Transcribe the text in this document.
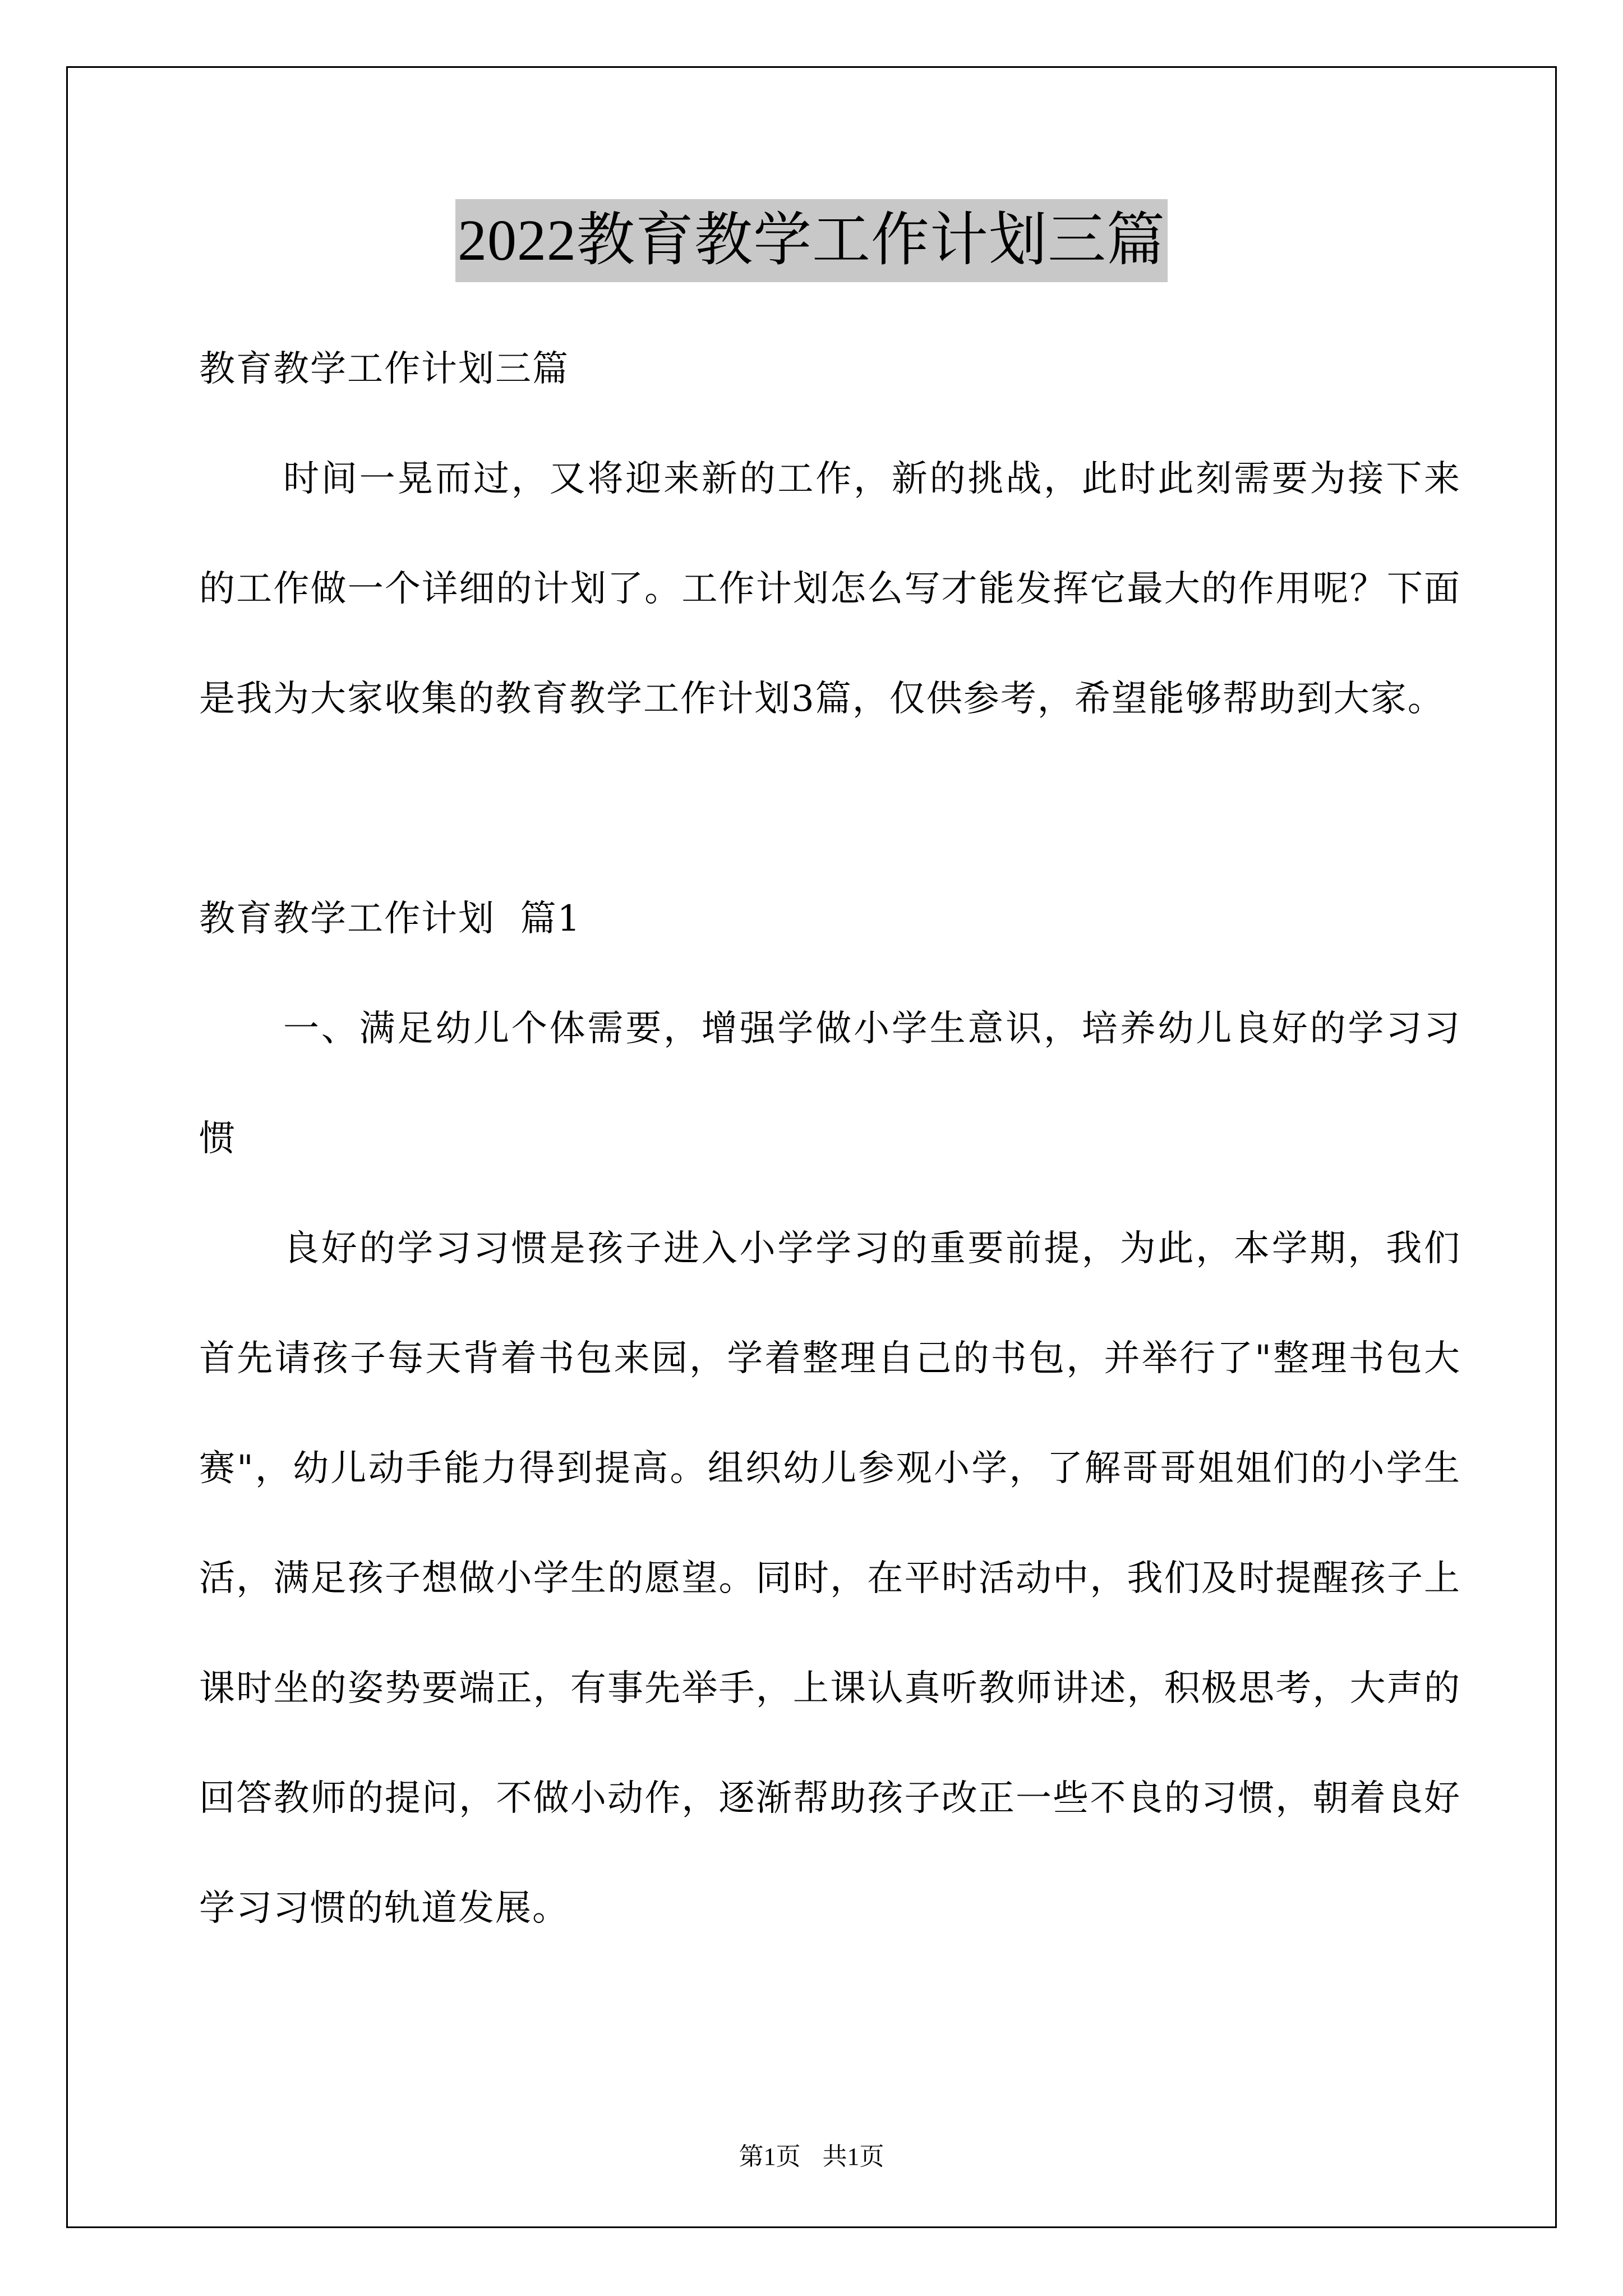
2022教育教学工作计划三篇

教育教学工作计划三篇

时间一晃而过，又将迎来新的工作，新的挑战，此时此刻需要为接下来的工作做一个详细的计划了。工作计划怎么写才能发挥它最大的作用呢？下面是我为大家收集的教育教学工作计划3篇，仅供参考，希望能够帮助到大家。

教育教学工作计划  篇1

一、满足幼儿个体需要，增强学做小学生意识，培养幼儿良好的学习习惯

良好的学习习惯是孩子进入小学学习的重要前提，为此，本学期，我们首先请孩子每天背着书包来园，学着整理自己的书包，并举行了"整理书包大赛"，幼儿动手能力得到提高。组织幼儿参观小学，了解哥哥姐姐们的小学生活，满足孩子想做小学生的愿望。同时，在平时活动中，我们及时提醒孩子上课时坐的姿势要端正，有事先举手，上课认真听教师讲述，积极思考，大声的回答教师的提问，不做小动作，逐渐帮助孩子改正一些不良的习惯，朝着良好学习习惯的轨道发展。

第1页 共1页
